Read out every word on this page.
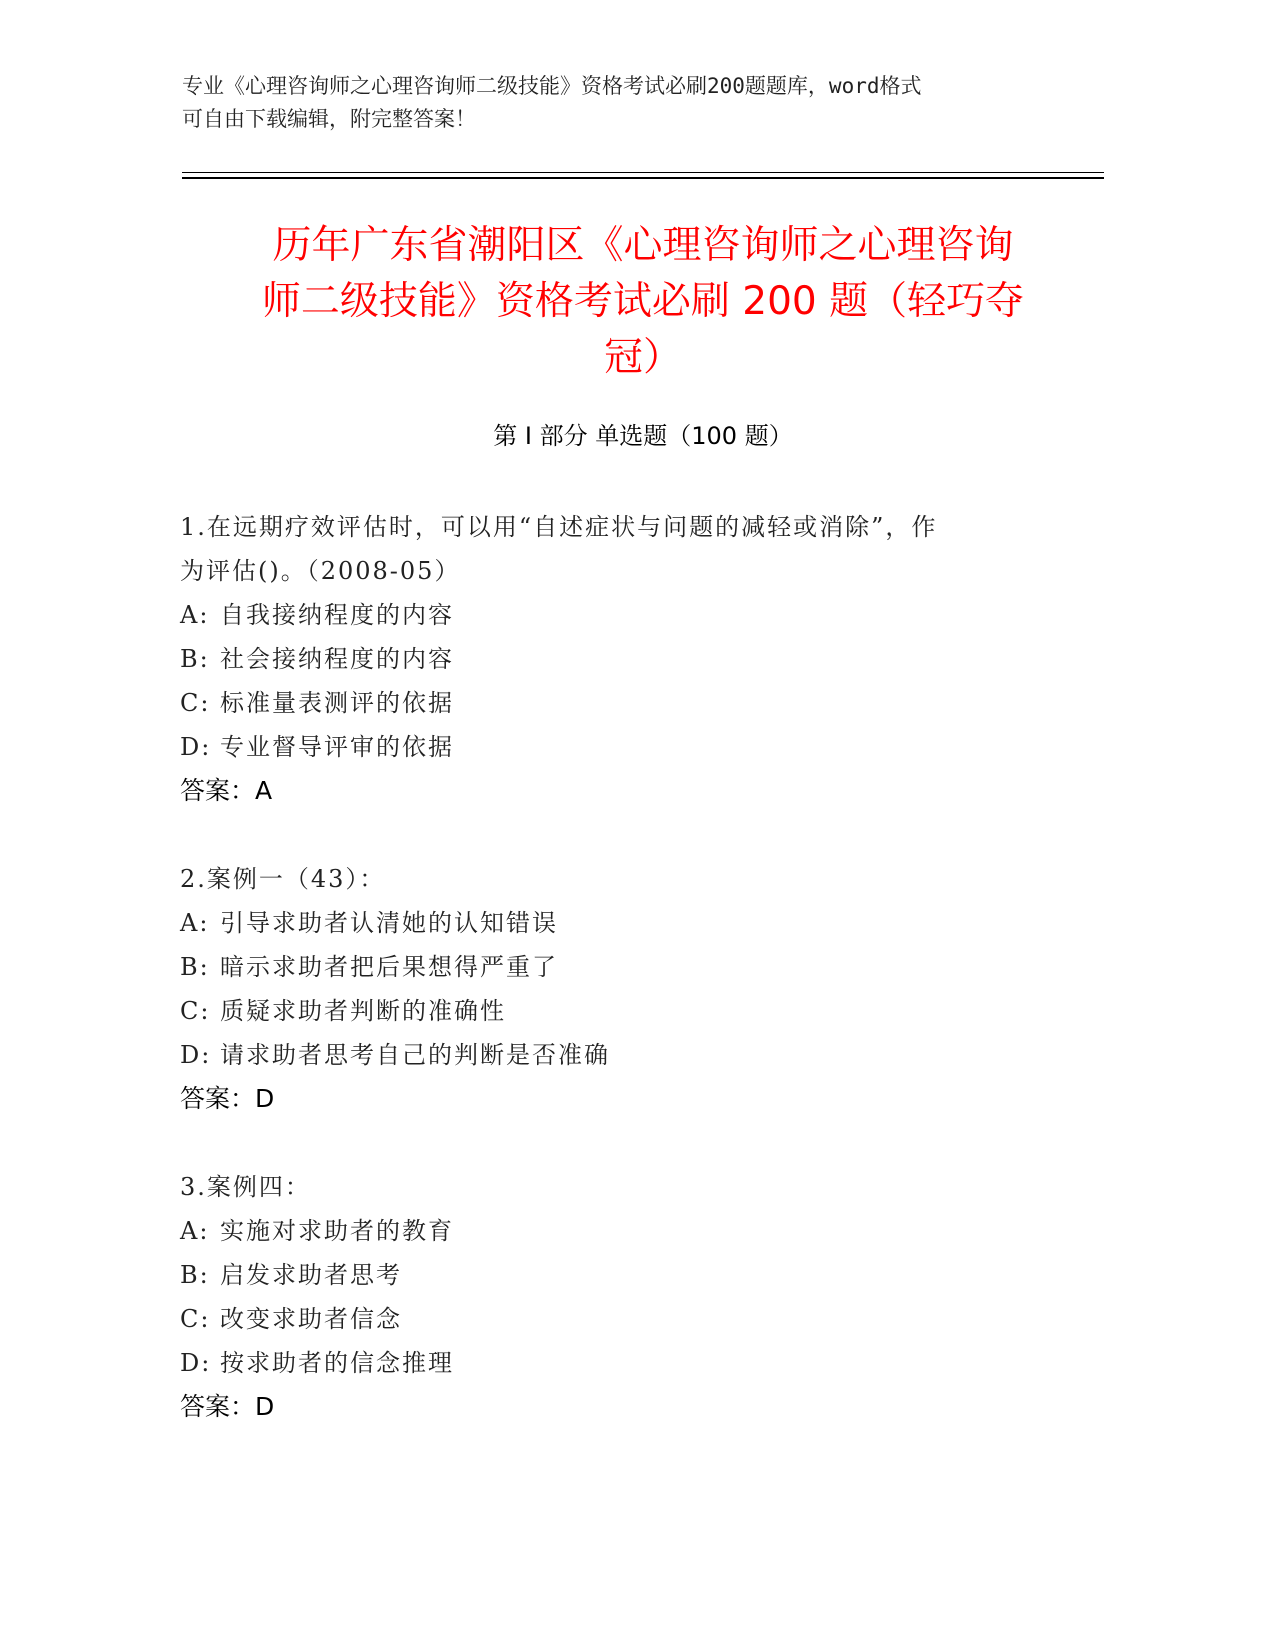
专业《心理咨询师之心理咨询师二级技能》资格考试必刷200题题库，word格式
可自由下载编辑，附完整答案！
历年广东省潮阳区《心理咨询师之心理咨询
师二级技能》资格考试必刷 200 题（轻巧夺
冠）
第 I 部分 单选题（100 题）
1.在远期疗效评估时，可以用“自述症状与问题的减轻或消除”，作
为评估()。（2008-05）
A: 自我接纳程度的内容
B: 社会接纳程度的内容
C: 标准量表测评的依据
D: 专业督导评审的依据
答案：A
2.案例一（43）：
A: 引导求助者认清她的认知错误
B: 暗示求助者把后果想得严重了
C: 质疑求助者判断的准确性
D: 请求助者思考自己的判断是否准确
答案：D
3.案例四：
A: 实施对求助者的教育
B: 启发求助者思考
C: 改变求助者信念
D: 按求助者的信念推理
答案：D
